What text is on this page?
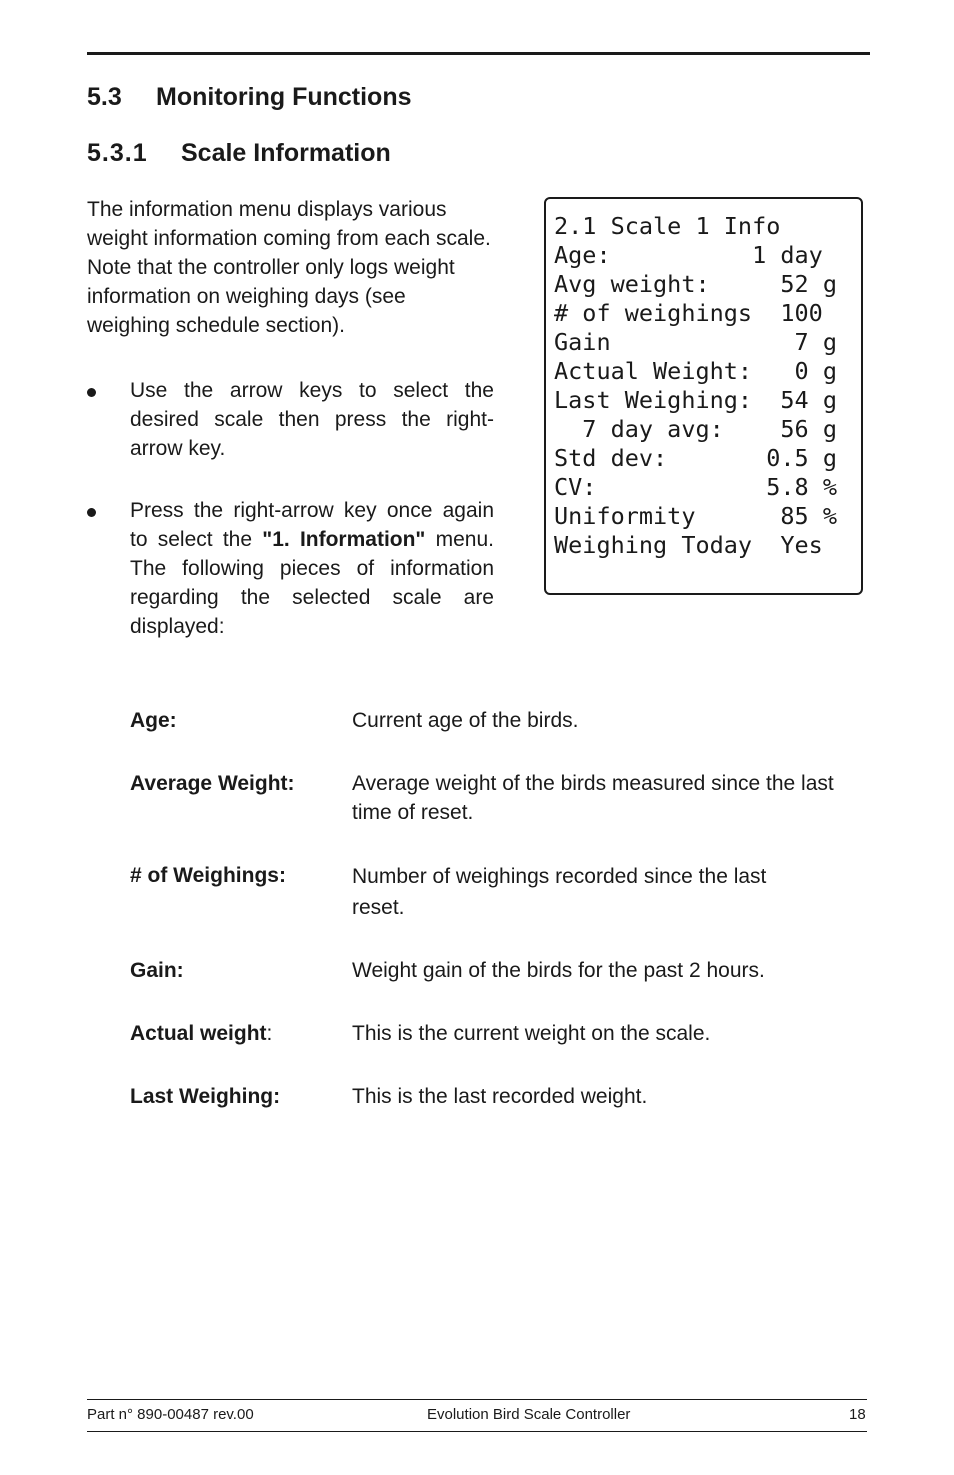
5.3 Monitoring Functions
5.3.1 Scale Information

The information menu displays various weight information coming from each scale. Note that the controller only logs weight information on weighing days (see weighing schedule section).

Use the arrow keys to select the desired scale then press the right-arrow key.
Press the right-arrow key once again to select the "1. Information" menu. The following pieces of information regarding the selected scale are displayed:
2.1 Scale 1 Info
Age:          1 day
Avg weight:     52 g
# of weighings  100
Gain             7 g
Actual Weight:   0 g
Last Weighing:  54 g
7 day avg:    56 g
Std dev:       0.5 g
CV:            5.8 %
Uniformity      85 %
Weighing Today  Yes
Age:	Current age of the birds.
Average Weight:	Average weight of the birds measured since the last time of reset.
# of Weighings:	Number of weighings recorded since the last reset.
Gain:	Weight gain of the birds for the past 2 hours.
Actual weight:	This is the current weight on the scale.
Last Weighing:	This is the last recorded weight.
Part n° 890-00487 rev.00	Evolution Bird Scale Controller	18
